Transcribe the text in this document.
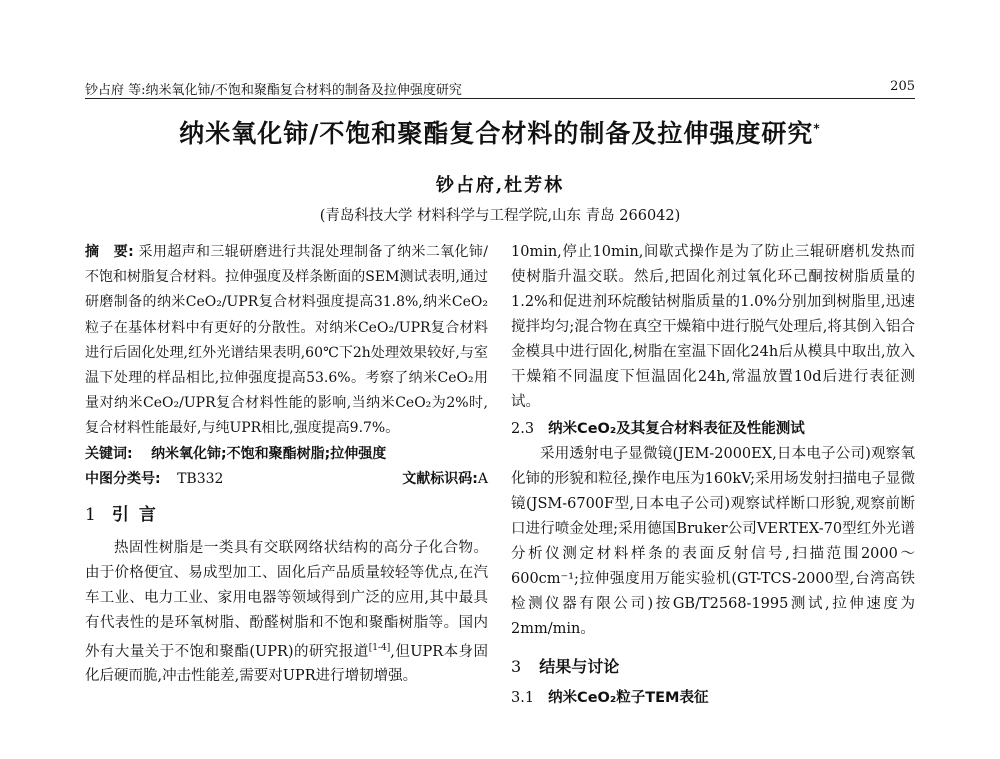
钞占府 等:纳米氧化铈/不饱和聚酯复合材料的制备及拉伸强度研究	205
纳米氧化铈/不饱和聚酯复合材料的制备及拉伸强度研究*
钞占府,杜芳林
(青岛科技大学 材料科学与工程学院,山东 青岛 266042)

摘　要: 采用超声和三辊研磨进行共混处理制备了纳米二氧化铈/不饱和树脂复合材料。拉伸强度及样条断面的SEM测试表明,通过研磨制备的纳米CeO₂/UPR复合材料强度提高31.8%,纳米CeO₂粒子在基体材料中有更好的分散性。对纳米CeO₂/UPR复合材料进行后固化处理,红外光谱结果表明,60℃下2h处理效果较好,与室温下处理的样品相比,拉伸强度提高53.6%。考察了纳米CeO₂用量对纳米CeO₂/UPR复合材料性能的影响,当纳米CeO₂为2%时,复合材料性能最好,与纯UPR相比,强度提高9.7%。

关键词: 纳米氧化铈;不饱和聚酯树脂;拉伸强度
中图分类号: TB332	文献标识码:A
1 引言

热固性树脂是一类具有交联网络状结构的高分子化合物。由于价格便宜、易成型加工、固化后产品质量较轻等优点,在汽车工业、电力工业、家用电器等领域得到广泛的应用,其中最具有代表性的是环氧树脂、酚醛树脂和不饱和聚酯树脂等。国内外有大量关于不饱和聚酯(UPR)的研究报道[1-4],但UPR本身固化后硬而脆,冲击性能差,需要对UPR进行增韧增强。

10min,停止10min,间歇式操作是为了防止三辊研磨机发热而使树脂升温交联。然后,把固化剂过氧化环己酮按树脂质量的1.2%和促进剂环烷酸钴树脂质量的1.0%分别加到树脂里,迅速搅拌均匀;混合物在真空干燥箱中进行脱气处理后,将其倒入铝合金模具中进行固化,树脂在室温下固化24h后从模具中取出,放入干燥箱不同温度下恒温固化24h,常温放置10d后进行表征测试。

2.3 纳米CeO₂及其复合材料表征及性能测试

采用透射电子显微镜(JEM-2000EX,日本电子公司)观察氧化铈的形貌和粒径,操作电压为160kV;采用场发射扫描电子显微镜(JSM-6700F型,日本电子公司)观察试样断口形貌,观察前断口进行喷金处理;采用德国Bruker公司VERTEX-70型红外光谱分析仪测定材料样条的表面反射信号,扫描范围2000～600cm⁻¹;拉伸强度用万能实验机(GT-TCS-2000型,台湾高铁检测仪器有限公司)按GB/T2568-1995测试,拉伸速度为2mm/min。

3 结果与讨论
3.1 纳米CeO₂粒子TEM表征
